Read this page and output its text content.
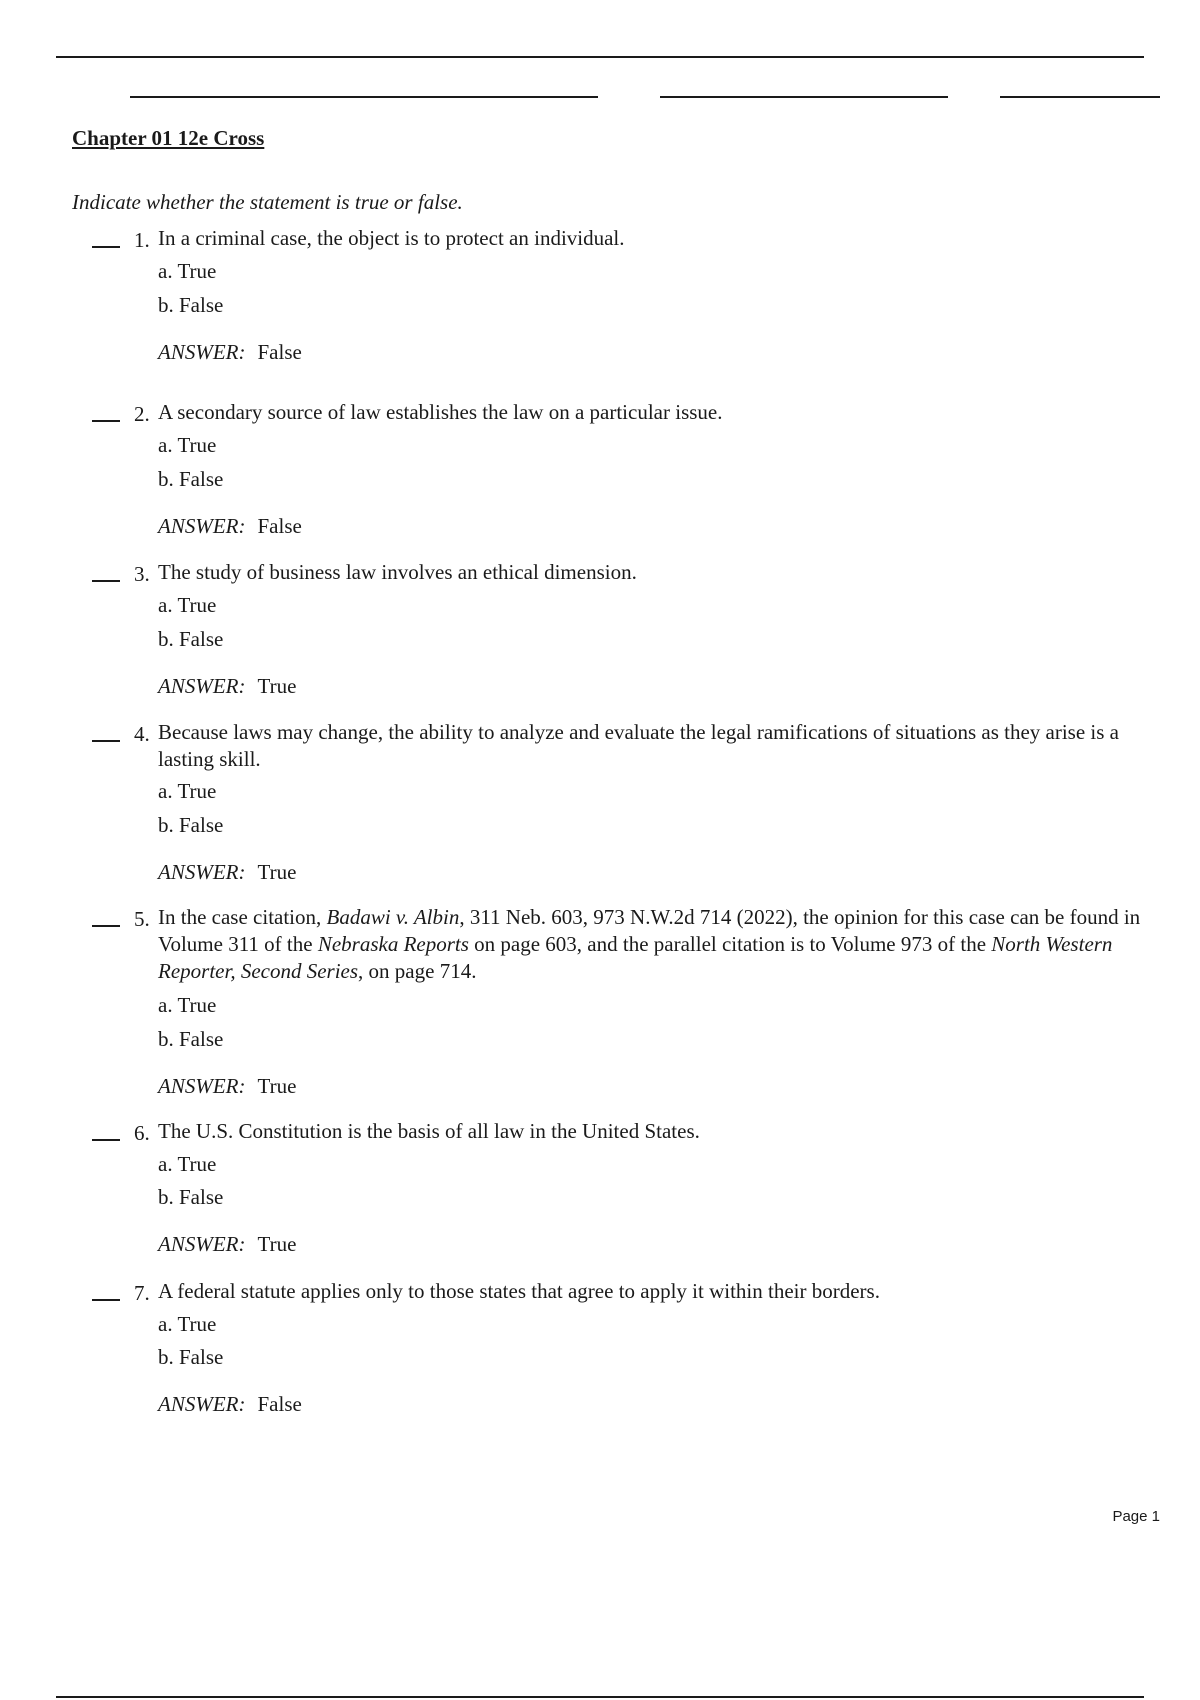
Chapter 01 12e Cross
Indicate whether the statement is true or false.
1. In a criminal case, the object is to protect an individual.
a. True
b. False
ANSWER: False
2. A secondary source of law establishes the law on a particular issue.
a. True
b. False
ANSWER: False
3. The study of business law involves an ethical dimension.
a. True
b. False
ANSWER: True
4. Because laws may change, the ability to analyze and evaluate the legal ramifications of situations as they arise is a lasting skill.
a. True
b. False
ANSWER: True
5. In the case citation, Badawi v. Albin, 311 Neb. 603, 973 N.W.2d 714 (2022), the opinion for this case can be found in Volume 311 of the Nebraska Reports on page 603, and the parallel citation is to Volume 973 of the North Western Reporter, Second Series, on page 714.
a. True
b. False
ANSWER: True
6. The U.S. Constitution is the basis of all law in the United States.
a. True
b. False
ANSWER: True
7. A federal statute applies only to those states that agree to apply it within their borders.
a. True
b. False
ANSWER: False
Page 1
